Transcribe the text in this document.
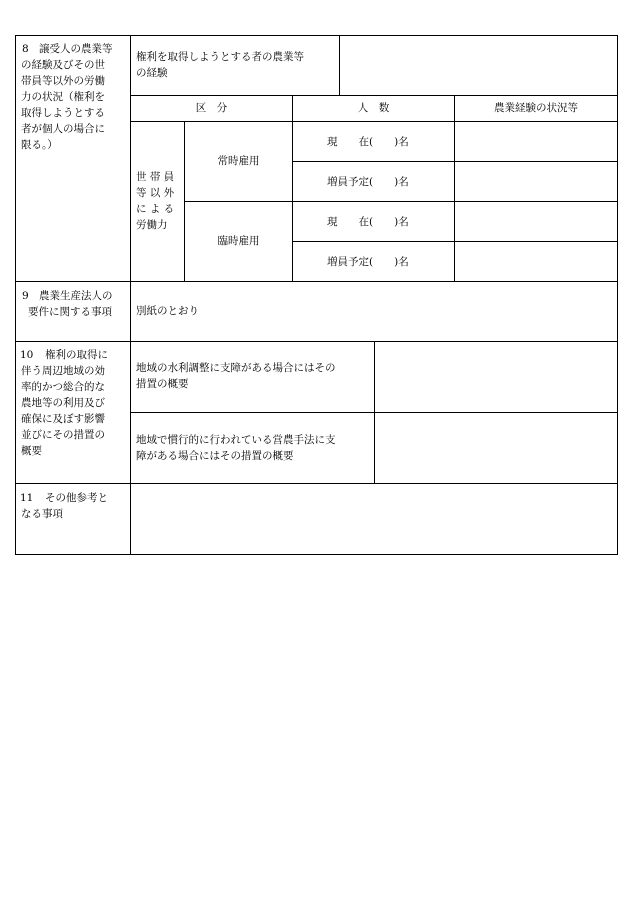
8 譲受人の農業等
の経験及びその世
帯員等以外の労働
力の状況（権利を
取得しようとする
者が個人の場合に
限る。）
権利を取得しようとする者の農業等
の経験
区　分	人　数	農業経験の状況等
世 帯 員
等 以 外
に よ る
労働力
常時雇用
臨時雇用
現　　在(　　)名
増員予定(　　)名
現　　在(　　)名
増員予定(　　)名
9 農業生産法人の
要件に関する事項 別紙のとおり
10 権利の取得に
伴う周辺地域の効
率的かつ総合的な
農地等の利用及び
確保に及ぼす影響
並びにその措置の
概要
地域の水利調整に支障がある場合にはその
措置の概要
地域で慣行的に行われている営農手法に支
障がある場合にはその措置の概要
11 その他参考と
なる事項
